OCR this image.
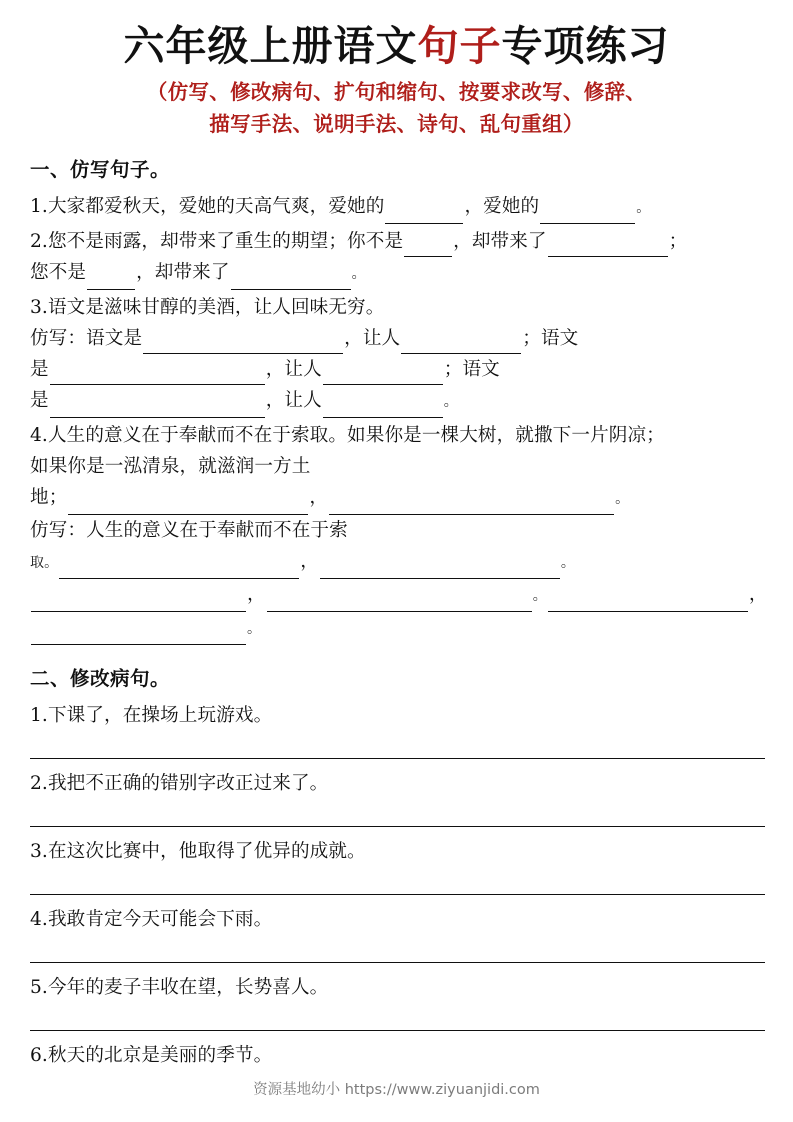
六年级上册语文句子专项练习
（仿写、修改病句、扩句和缩句、按要求改写、修辞、
描写手法、说明手法、诗句、乱句重组）
一、仿写句子。
1.大家都爱秋天，爱她的天高气爽，爱她的	，爱她的	。
2.您不是雨露，却带来了重生的期望；你不是	，却带来了	；
您不是	，却带来了	。
3.语文是滋味甘醇的美酒，让人回味无穷。
仿写：语文是	，让人	；语文
是	，让人	；语文
是	，让人	。
4.人生的意义在于奉献而不在于索取。如果你是一棵大树，就撒下一片阴凉；
如果你是一泓清泉，就滋润一方土
地；	，	。
仿写：人生的意义在于奉献而不在于索
取。	，	。
，	。	，
。
二、修改病句。
1.下课了，在操场上玩游戏。
2.我把不正确的错别字改正过来了。
3.在这次比赛中，他取得了优异的成就。
4.我敢肯定今天可能会下雨。
5.今年的麦子丰收在望，长势喜人。
6.秋天的北京是美丽的季节。
资源基地幼小 https://www.ziyuanjidi.com
